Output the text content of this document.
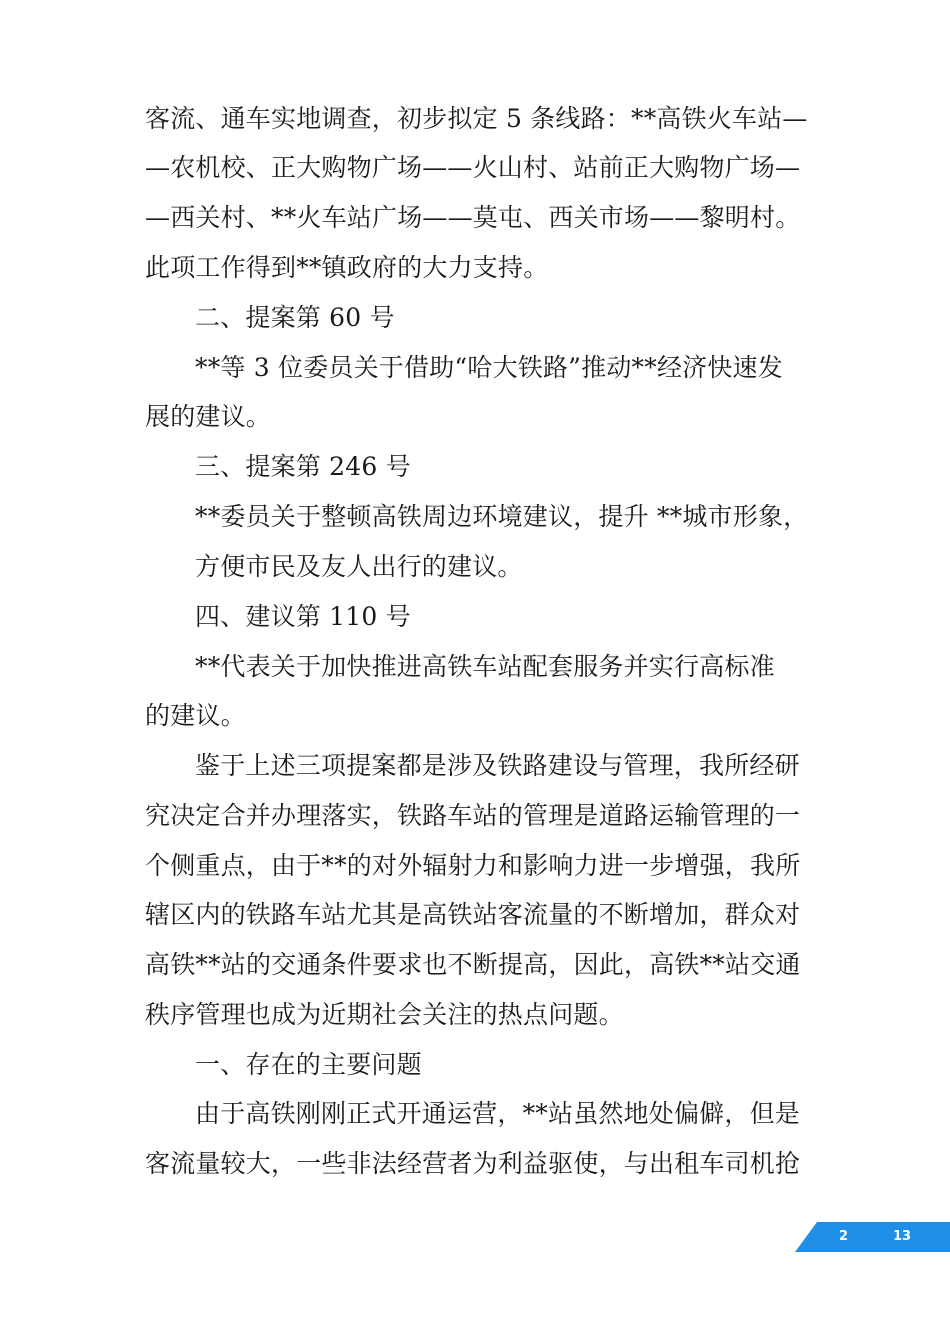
客流、通车实地调查，初步拟定 5 条线路：**高铁火车站—
—农机校、正大购物广场——火山村、站前正大购物广场—
—西关村、**火车站广场——莫屯、西关市场——黎明村。
此项工作得到**镇政府的大力支持。
二、提案第 60 号
**等 3 位委员关于借助“哈大铁路”推动**经济快速发
展的建议。
三、提案第 246 号
**委员关于整顿高铁周边环境建议，提升 **城市形象，
方便市民及友人出行的建议。
四、建议第 110 号
**代表关于加快推进高铁车站配套服务并实行高标准
的建议。
鉴于上述三项提案都是涉及铁路建设与管理，我所经研
究决定合并办理落实，铁路车站的管理是道路运输管理的一
个侧重点，由于**的对外辐射力和影响力进一步增强，我所
辖区内的铁路车站尤其是高铁站客流量的不断增加，群众对
高铁**站的交通条件要求也不断提高，因此，高铁**站交通
秩序管理也成为近期社会关注的热点问题。
一、存在的主要问题
由于高铁刚刚正式开通运营，**站虽然地处偏僻，但是
客流量较大，一些非法经营者为利益驱使，与出租车司机抢
2	13
